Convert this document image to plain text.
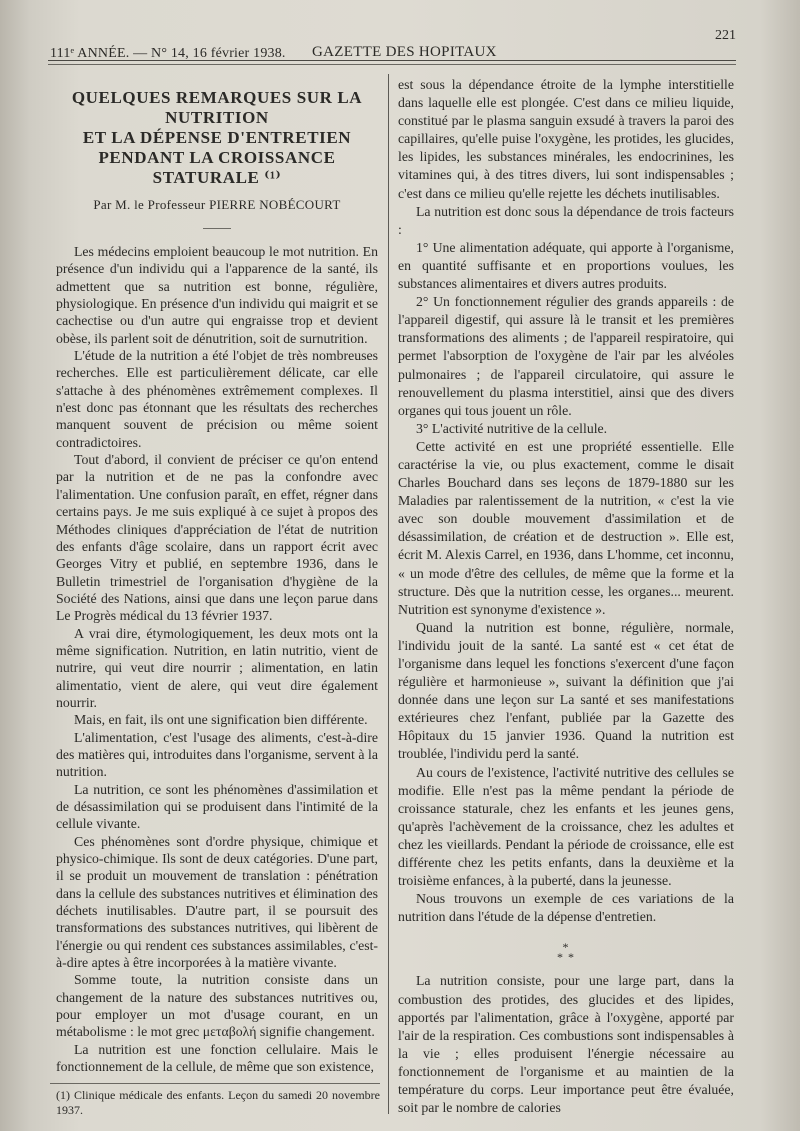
111ᵉ ANNÉE. — N° 14, 16 février 1938. GAZETTE DES HOPITAUX
221
QUELQUES REMARQUES SUR LA NUTRITION
ET LA DÉPENSE D'ENTRETIEN
PENDANT LA CROISSANCE STATURALE ⁽¹⁾
Par M. le Professeur PIERRE NOBÉCOURT

Les médecins emploient beaucoup le mot nutrition. En présence d'un individu qui a l'apparence de la santé, ils admettent que sa nutrition est bonne, régulière, physiologique. En présence d'un individu qui maigrit et se cachectise ou d'un autre qui engraisse trop et devient obèse, ils parlent soit de dénutrition, soit de surnutrition.

L'étude de la nutrition a été l'objet de très nombreuses recherches. Elle est particulièrement délicate, car elle s'attache à des phénomènes extrêmement complexes. Il n'est donc pas étonnant que les résultats des recherches manquent souvent de précision ou même soient contradictoires.

Tout d'abord, il convient de préciser ce qu'on entend par la nutrition et de ne pas la confondre avec l'alimentation. Une confusion paraît, en effet, régner dans certains pays. Je me suis expliqué à ce sujet à propos des Méthodes cliniques d'appréciation de l'état de nutrition des enfants d'âge scolaire, dans un rapport écrit avec Georges Vitry et publié, en septembre 1936, dans le Bulletin trimestriel de l'organisation d'hygiène de la Société des Nations, ainsi que dans une leçon parue dans Le Progrès médical du 13 février 1937.

A vrai dire, étymologiquement, les deux mots ont la même signification. Nutrition, en latin nutritio, vient de nutrire, qui veut dire nourrir ; alimentation, en latin alimentatio, vient de alere, qui veut dire également nourrir.

Mais, en fait, ils ont une signification bien différente.

L'alimentation, c'est l'usage des aliments, c'est-à-dire des matières qui, introduites dans l'organisme, servent à la nutrition.

La nutrition, ce sont les phénomènes d'assimilation et de désassimilation qui se produisent dans l'intimité de la cellule vivante.

Ces phénomènes sont d'ordre physique, chimique et physico-chimique. Ils sont de deux catégories. D'une part, il se produit un mouvement de translation : pénétration dans la cellule des substances nutritives et élimination des déchets inutilisables. D'autre part, il se poursuit des transformations des substances nutritives, qui libèrent de l'énergie ou qui rendent ces substances assimilables, c'est-à-dire aptes à être incorporées à la matière vivante.

Somme toute, la nutrition consiste dans un changement de la nature des substances nutritives ou, pour employer un mot d'usage courant, en un métabolisme : le mot grec μεταβολή signifie changement.

La nutrition est une fonction cellulaire. Mais le fonctionnement de la cellule, de même que son existence,

(1) Clinique médicale des enfants. Leçon du samedi 20 novembre 1937.

est sous la dépendance étroite de la lymphe interstitielle dans laquelle elle est plongée. C'est dans ce milieu liquide, constitué par le plasma sanguin exsudé à travers la paroi des capillaires, qu'elle puise l'oxygène, les protides, les glucides, les lipides, les substances minérales, les endocrinines, les vitamines qui, à des titres divers, lui sont indispensables ; c'est dans ce milieu qu'elle rejette les déchets inutilisables.

La nutrition est donc sous la dépendance de trois facteurs :

1° Une alimentation adéquate, qui apporte à l'organisme, en quantité suffisante et en proportions voulues, les substances alimentaires et divers autres produits.

2° Un fonctionnement régulier des grands appareils : de l'appareil digestif, qui assure là le transit et les premières transformations des aliments ; de l'appareil respiratoire, qui permet l'absorption de l'oxygène de l'air par les alvéoles pulmonaires ; de l'appareil circulatoire, qui assure le renouvellement du plasma interstitiel, ainsi que des divers organes qui tous jouent un rôle.

3° L'activité nutritive de la cellule.

Cette activité en est une propriété essentielle. Elle caractérise la vie, ou plus exactement, comme le disait Charles Bouchard dans ses leçons de 1879-1880 sur les Maladies par ralentissement de la nutrition, « c'est la vie avec son double mouvement d'assimilation et de désassimilation, de création et de destruction ». Elle est, écrit M. Alexis Carrel, en 1936, dans L'homme, cet inconnu, « un mode d'être des cellules, de même que la forme et la structure. Dès que la nutrition cesse, les organes... meurent. Nutrition est synonyme d'existence ».

Quand la nutrition est bonne, régulière, normale, l'individu jouit de la santé. La santé est « cet état de l'organisme dans lequel les fonctions s'exercent d'une façon régulière et harmonieuse », suivant la définition que j'ai donnée dans une leçon sur La santé et ses manifestations extérieures chez l'enfant, publiée par la Gazette des Hôpitaux du 15 janvier 1936. Quand la nutrition est troublée, l'individu perd la santé.

Au cours de l'existence, l'activité nutritive des cellules se modifie. Elle n'est pas la même pendant la période de croissance staturale, chez les enfants et les jeunes gens, qu'après l'achèvement de la croissance, chez les adultes et chez les vieillards. Pendant la période de croissance, elle est différente chez les petits enfants, dans la deuxième et la troisième enfances, à la puberté, dans la jeunesse.

Nous trouvons un exemple de ces variations de la nutrition dans l'étude de la dépense d'entretien.

*
* *

La nutrition consiste, pour une large part, dans la combustion des protides, des glucides et des lipides, apportés par l'alimentation, grâce à l'oxygène, apporté par l'air de la respiration. Ces combustions sont indispensables à la vie ; elles produisent l'énergie nécessaire au fonctionnement de l'organisme et au maintien de la température du corps. Leur importance peut être évaluée, soit par le nombre de calories
